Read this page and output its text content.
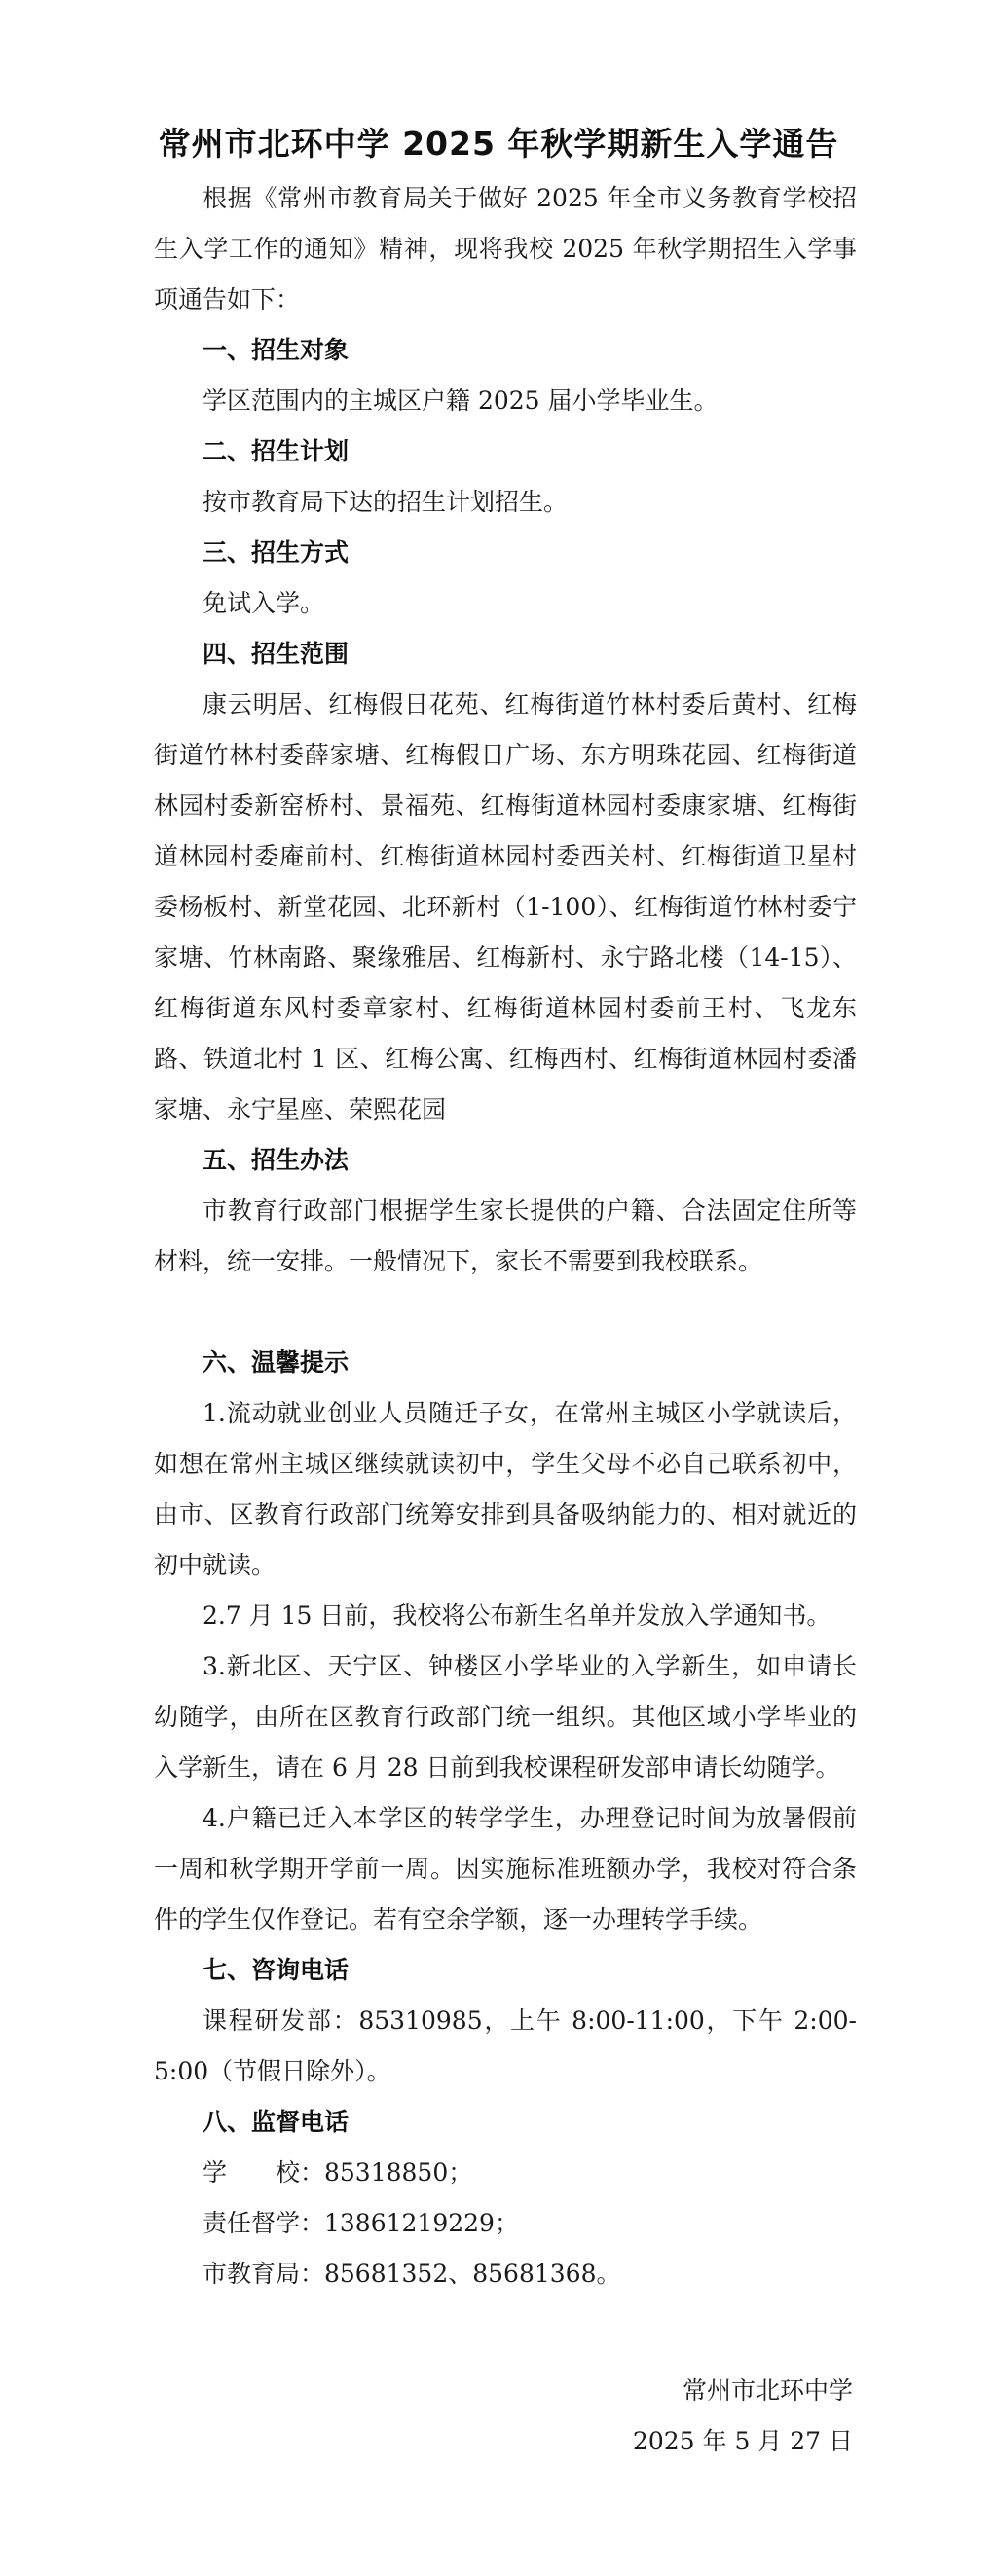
常州市北环中学 2025 年秋学期新生入学通告

根据《常州市教育局关于做好 2025 年全市义务教育学校招生入学工作的通知》精神，现将我校 2025 年秋学期招生入学事项通告如下：

一、招生对象

学区范围内的主城区户籍 2025 届小学毕业生。

二、招生计划

按市教育局下达的招生计划招生。

三、招生方式

免试入学。

四、招生范围

康云明居、红梅假日花苑、红梅街道竹林村委后黄村、红梅街道竹林村委薛家塘、红梅假日广场、东方明珠花园、红梅街道林园村委新窑桥村、景福苑、红梅街道林园村委康家塘、红梅街道林园村委庵前村、红梅街道林园村委西关村、红梅街道卫星村委杨板村、新堂花园、北环新村（1-100）、红梅街道竹林村委宁家塘、竹林南路、聚缘雅居、红梅新村、永宁路北楼（14-15）、红梅街道东风村委章家村、红梅街道林园村委前王村、飞龙东路、铁道北村 1 区、红梅公寓、红梅西村、红梅街道林园村委潘家塘、永宁星座、荣熙花园

五、招生办法

市教育行政部门根据学生家长提供的户籍、合法固定住所等材料，统一安排。一般情况下，家长不需要到我校联系。

六、温馨提示

1.流动就业创业人员随迁子女，在常州主城区小学就读后，如想在常州主城区继续就读初中，学生父母不必自己联系初中，由市、区教育行政部门统筹安排到具备吸纳能力的、相对就近的初中就读。

2.7 月 15 日前，我校将公布新生名单并发放入学通知书。

3.新北区、天宁区、钟楼区小学毕业的入学新生，如申请长幼随学，由所在区教育行政部门统一组织。其他区域小学毕业的入学新生，请在 6 月 28 日前到我校课程研发部申请长幼随学。

4.户籍已迁入本学区的转学学生，办理登记时间为放暑假前一周和秋学期开学前一周。因实施标准班额办学，我校对符合条件的学生仅作登记。若有空余学额，逐一办理转学手续。

七、咨询电话

课程研发部：85310985，上午 8:00-11:00，下午 2:00-5:00（节假日除外）。

八、监督电话

学　　校：85318850；

责任督学：13861219229；

市教育局：85681352、85681368。

常州市北环中学
2025 年 5 月 27 日
